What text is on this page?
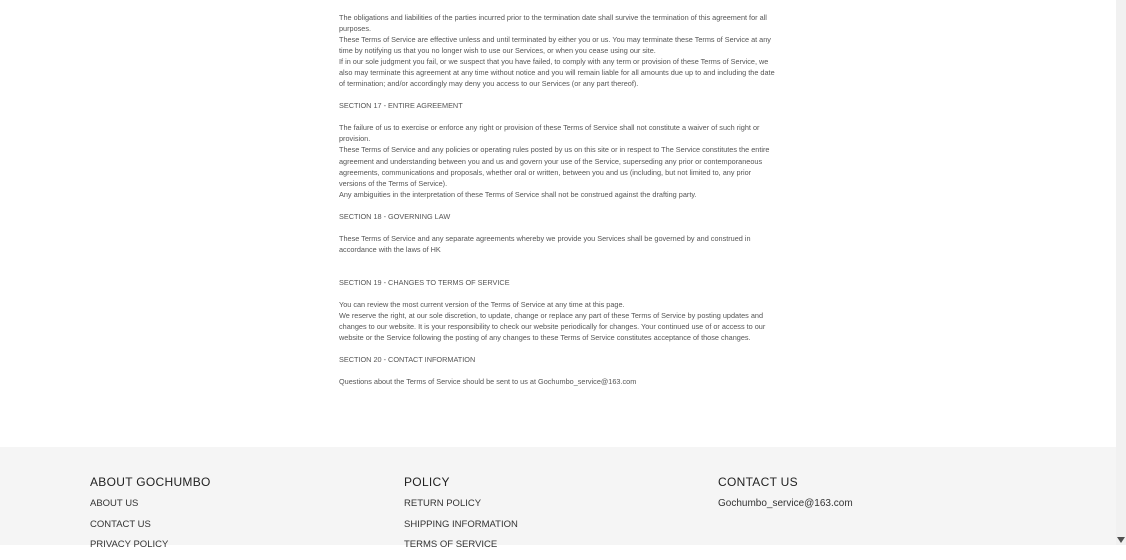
The obligations and liabilities of the parties incurred prior to the termination date shall survive the termination of this agreement for all purposes.

These Terms of Service are effective unless and until terminated by either you or us. You may terminate these Terms of Service at any time by notifying us that you no longer wish to use our Services, or when you cease using our site.

If in our sole judgment you fail, or we suspect that you have failed, to comply with any term or provision of these Terms of Service, we also may terminate this agreement at any time without notice and you will remain liable for all amounts due up to and including the date of termination; and/or accordingly may deny you access to our Services (or any part thereof).

SECTION 17 - ENTIRE AGREEMENT

The failure of us to exercise or enforce any right or provision of these Terms of Service shall not constitute a waiver of such right or provision.

These Terms of Service and any policies or operating rules posted by us on this site or in respect to The Service constitutes the entire agreement and understanding between you and us and govern your use of the Service, superseding any prior or contemporaneous agreements, communications and proposals, whether oral or written, between you and us (including, but not limited to, any prior versions of the Terms of Service).

Any ambiguities in the interpretation of these Terms of Service shall not be construed against the drafting party.

SECTION 18 - GOVERNING LAW

These Terms of Service and any separate agreements whereby we provide you Services shall be governed by and construed in accordance with the laws of HK

SECTION 19 - CHANGES TO TERMS OF SERVICE

You can review the most current version of the Terms of Service at any time at this page.

We reserve the right, at our sole discretion, to update, change or replace any part of these Terms of Service by posting updates and changes to our website. It is your responsibility to check our website periodically for changes. Your continued use of or access to our website or the Service following the posting of any changes to these Terms of Service constitutes acceptance of those changes.

SECTION 20 - CONTACT INFORMATION

Questions about the Terms of Service should be sent to us at Gochumbo_service@163.com

ABOUT GOCHUMBO
ABOUT US
CONTACT US
PRIVACY POLICY
POLICY
RETURN POLICY
SHIPPING INFORMATION
TERMS OF SERVICE
CONTACT US
Gochumbo_service@163.com
